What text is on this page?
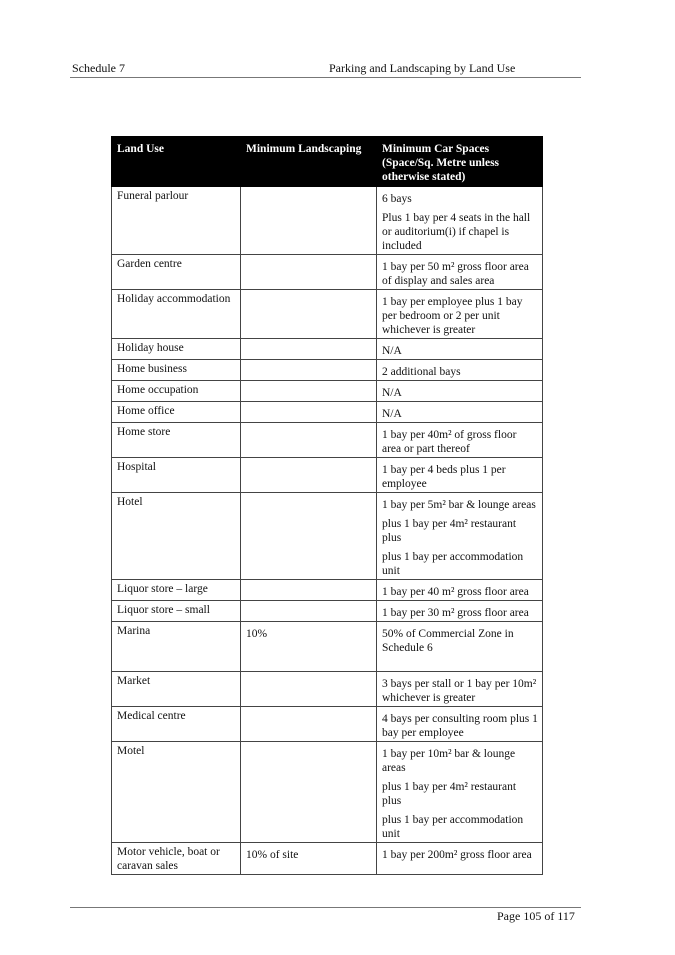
Schedule 7	Parking and Landscaping by Land Use
Land Use	Minimum Landscaping	Minimum Car Spaces (Space/Sq. Metre unless otherwise stated)
Funeral parlour		6 bays
Plus 1 bay per 4 seats in the hall or auditorium(i) if chapel is included

Garden centre		1 bay per 50 m² gross floor area of display and sales area

Holiday accommodation		1 bay per employee plus 1 bay per bedroom or 2 per unit whichever is greater

Holiday house		N/A

Home business		2 additional bays

Home occupation		N/A

Home office		N/A

Home store		1 bay per 40m² of gross floor area or part thereof

Hospital		1 bay per 4 beds plus 1 per employee

Hotel		1 bay per 5m² bar & lounge areas
plus 1 bay per 4m² restaurant plus
plus 1 bay per accommodation unit

Liquor store – large		1 bay per 40 m² gross floor area

Liquor store – small		1 bay per 30 m² gross floor area

Marina	10%	50% of Commercial Zone in Schedule 6

Market		3 bays per stall or 1 bay per 10m² whichever is greater

Medical centre		4 bays per consulting room plus 1 bay per employee

Motel		1 bay per 10m² bar & lounge areas
plus 1 bay per 4m² restaurant plus
plus 1 bay per accommodation unit

Motor vehicle, boat or caravan sales	10% of site	1 bay per 200m² gross floor area
Page 105 of 117
